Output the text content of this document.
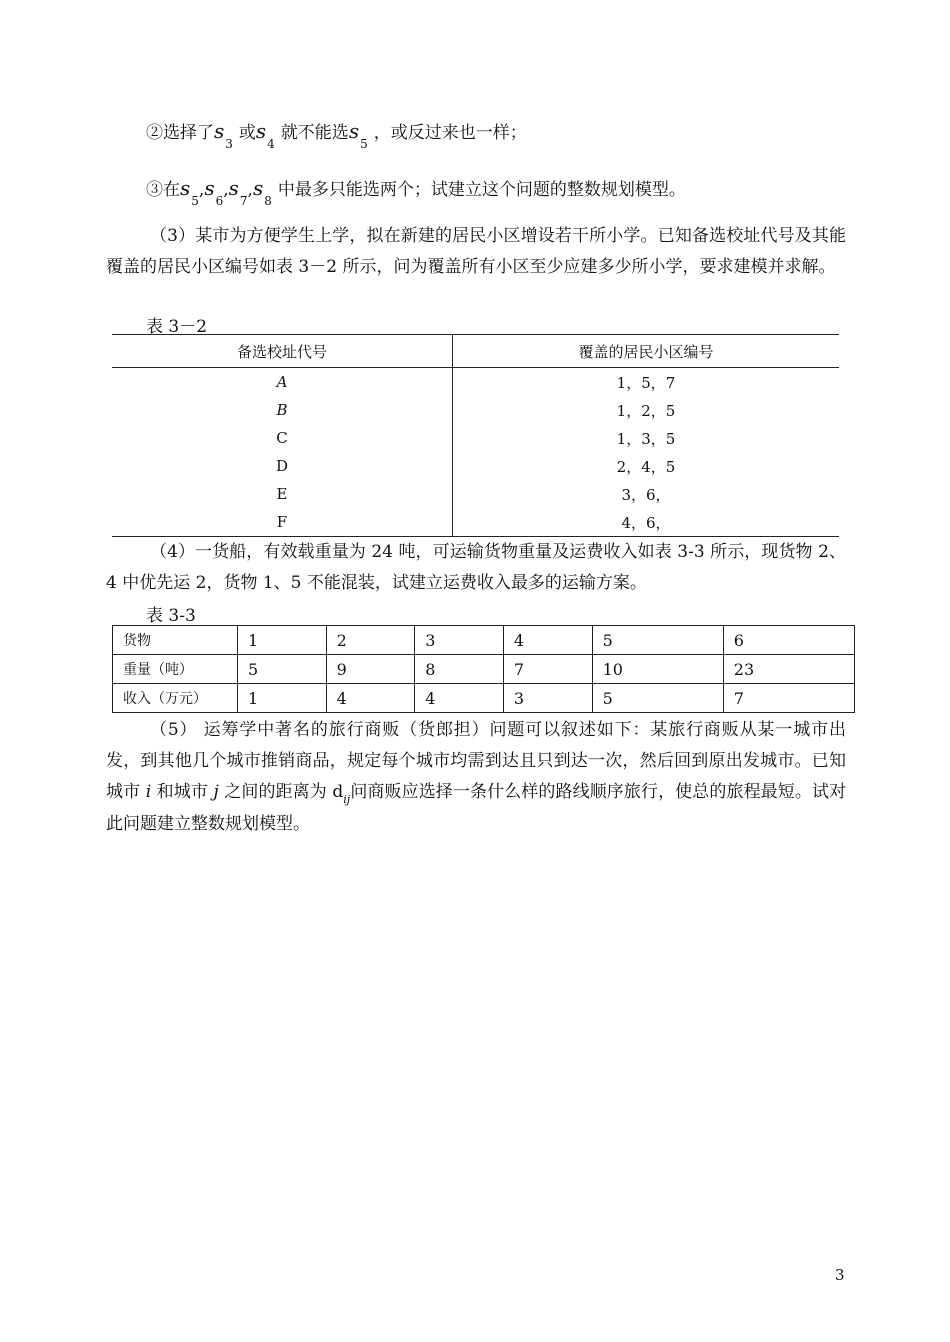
②选择了$s_3$或$s_4$就不能选$s_5$，或反过来也一样；
③在$s_5,s_6,s_7,s_8$中最多只能选两个；试建立这个问题的整数规划模型。
（3）某市为方便学生上学，拟在新建的居民小区增设若干所小学。已知备选校址代号及其能覆盖的居民小区编号如表 3－2 所示，问为覆盖所有小区至少应建多少所小学，要求建模并求解。
表 3－2
备选校址代号	覆盖的居民小区编号
A	1，5，7
B	1，2，5
C	1，3，5
D	2，4，5
E	3，6，
F	4，6，
（4）一货船，有效载重量为 24 吨，可运输货物重量及运费收入如表 3-3 所示，现货物 2、4 中优先运 2，货物 1、5 不能混装，试建立运费收入最多的运输方案。
表 3-3
货物	1	2	3	4	5	6
重量（吨）	5	9	8	7	10	23
收入（万元）	1	4	4	3	5	7
（5） 运筹学中著名的旅行商贩（货郎担）问题可以叙述如下：某旅行商贩从某一城市出发，到其他几个城市推销商品，规定每个城市均需到达且只到达一次，然后回到原出发城市。已知城市 i 和城市 j 之间的距离为 $d_{ij}$问商贩应选择一条什么样的路线顺序旅行，使总的旅程最短。试对此问题建立整数规划模型。
3
